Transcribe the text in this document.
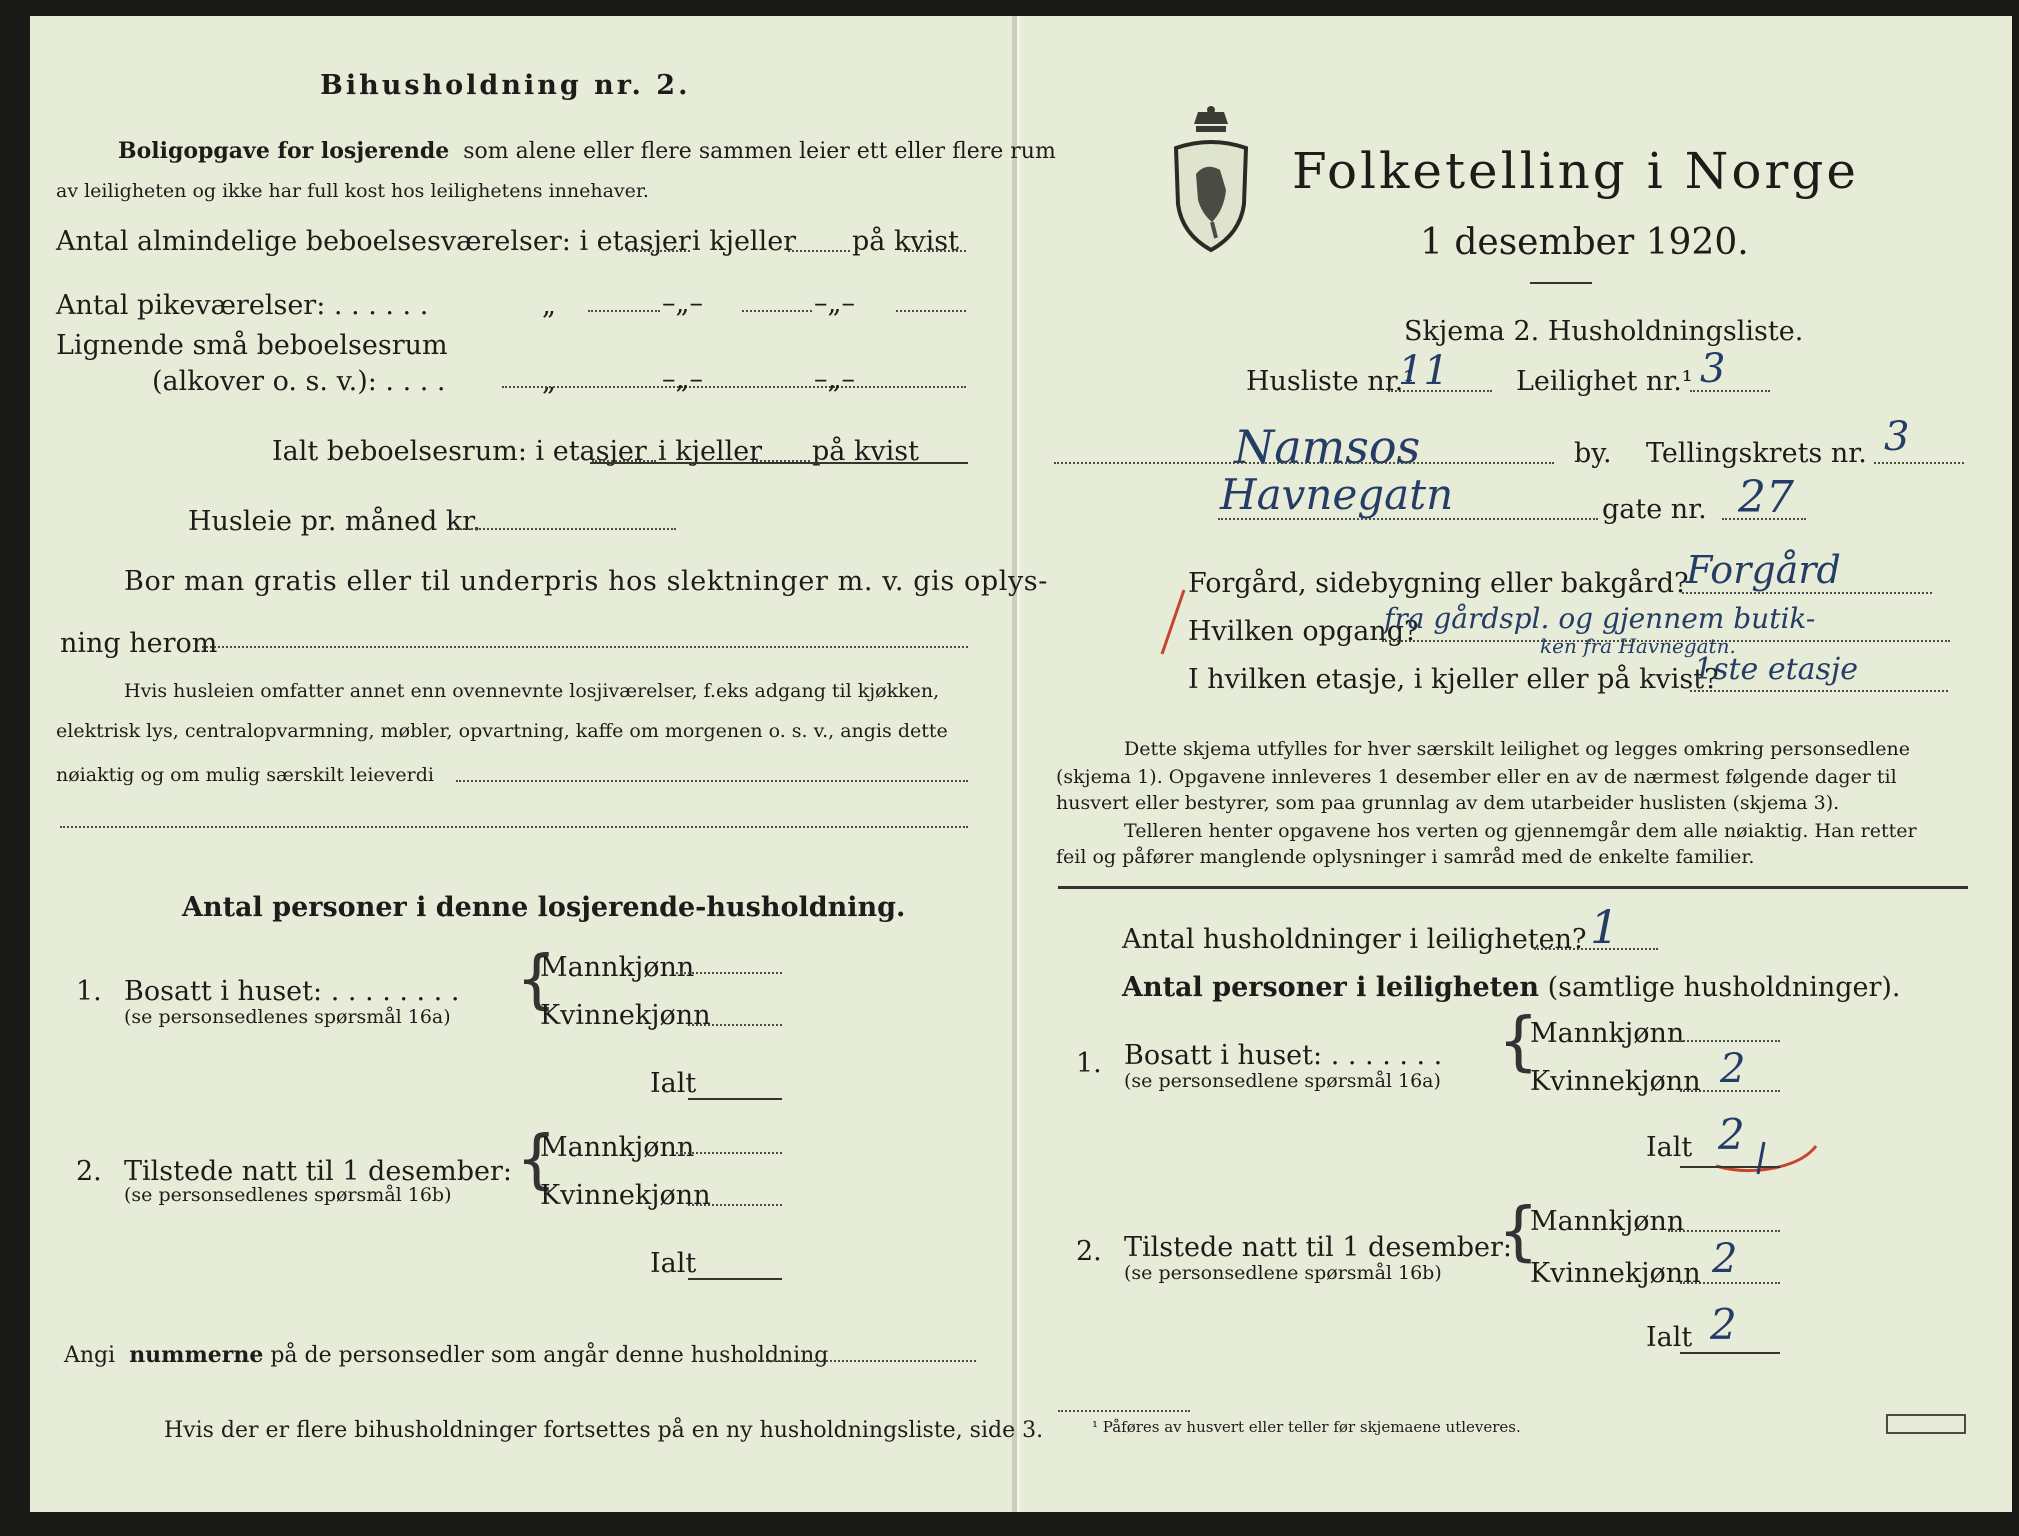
Bihusholdning nr. 2.
Boligopgave for losjerende som alene eller flere sammen leier ett eller flere rum
av leiligheten og ikke har full kost hos leilighetens innehaver.
Antal almindelige beboelsesværelser: i etasjer i kjeller på kvist
Antal pikeværelser: . . . . . .	„	–„–	–„–
Lignende små beboelsesrum
(alkover o. s. v.): . . . .	„	–„–	–„–
Ialt beboelsesrum: i etasjer i kjeller på kvist
Husleie pr. måned kr.
Bor man gratis eller til underpris hos slektninger m. v. gis oplys-
ning herom
Hvis husleien omfatter annet enn ovennevnte losjiværelser, f.eks adgang til kjøkken,
elektrisk lys, centralopvarmning, møbler, opvartning, kaffe om morgenen o. s. v., angis dette
nøiaktig og om mulig særskilt leieverdi
Antal personer i denne losjerende-husholdning.
1. Bosatt i huset: . . . . . . . .
(se personsedlenes spørsmål 16a) {
Mannkjønn
Kvinnekjønn
Ialt
2. Tilstede natt til 1 desember:
(se personsedlenes spørsmål 16b) {
Mannkjønn
Kvinnekjønn
Ialt
Angi nummerne på de personsedler som angår denne husholdning
Hvis der er flere bihusholdninger fortsettes på en ny husholdningsliste, side 3.
Folketelling i Norge
1 desember 1920.
Skjema 2. Husholdningsliste.
Husliste nr.¹
11 Leilighet nr.¹ 3
Namsos	by. Tellingskrets nr. 3
Havnegatn	gate nr. 27
Forgård, sidebygning eller bakgård?
Forgård
Hvilken opgang?
fra gårdspl. og gjennem butik-
ken fra Havnegatn.
I hvilken etasje, i kjeller eller på kvist?
1ste etasje
Dette skjema utfylles for hver særskilt leilighet og legges omkring personsedlene
(skjema 1). Opgavene innleveres 1 desember eller en av de nærmest følgende dager til
husvert eller bestyrer, som paa grunnlag av dem utarbeider huslisten (skjema 3).
Telleren henter opgavene hos verten og gjennemgår dem alle nøiaktig. Han retter
feil og påfører manglende oplysninger i samråd med de enkelte familier.
Antal husholdninger i leiligheten? 1
Antal personer i leiligheten (samtlige husholdninger).
1. Bosatt i huset: . . . . . . .
(se personsedlene spørsmål 16a)
{
Mannkjønn
Kvinnekjønn 2
Ialt 2
2. Tilstede natt til 1 desember:
(se personsedlene spørsmål 16b)
{
Mannkjønn
Kvinnekjønn 2
Ialt 2
¹ Påføres av husvert eller teller før skjemaene utleveres.
